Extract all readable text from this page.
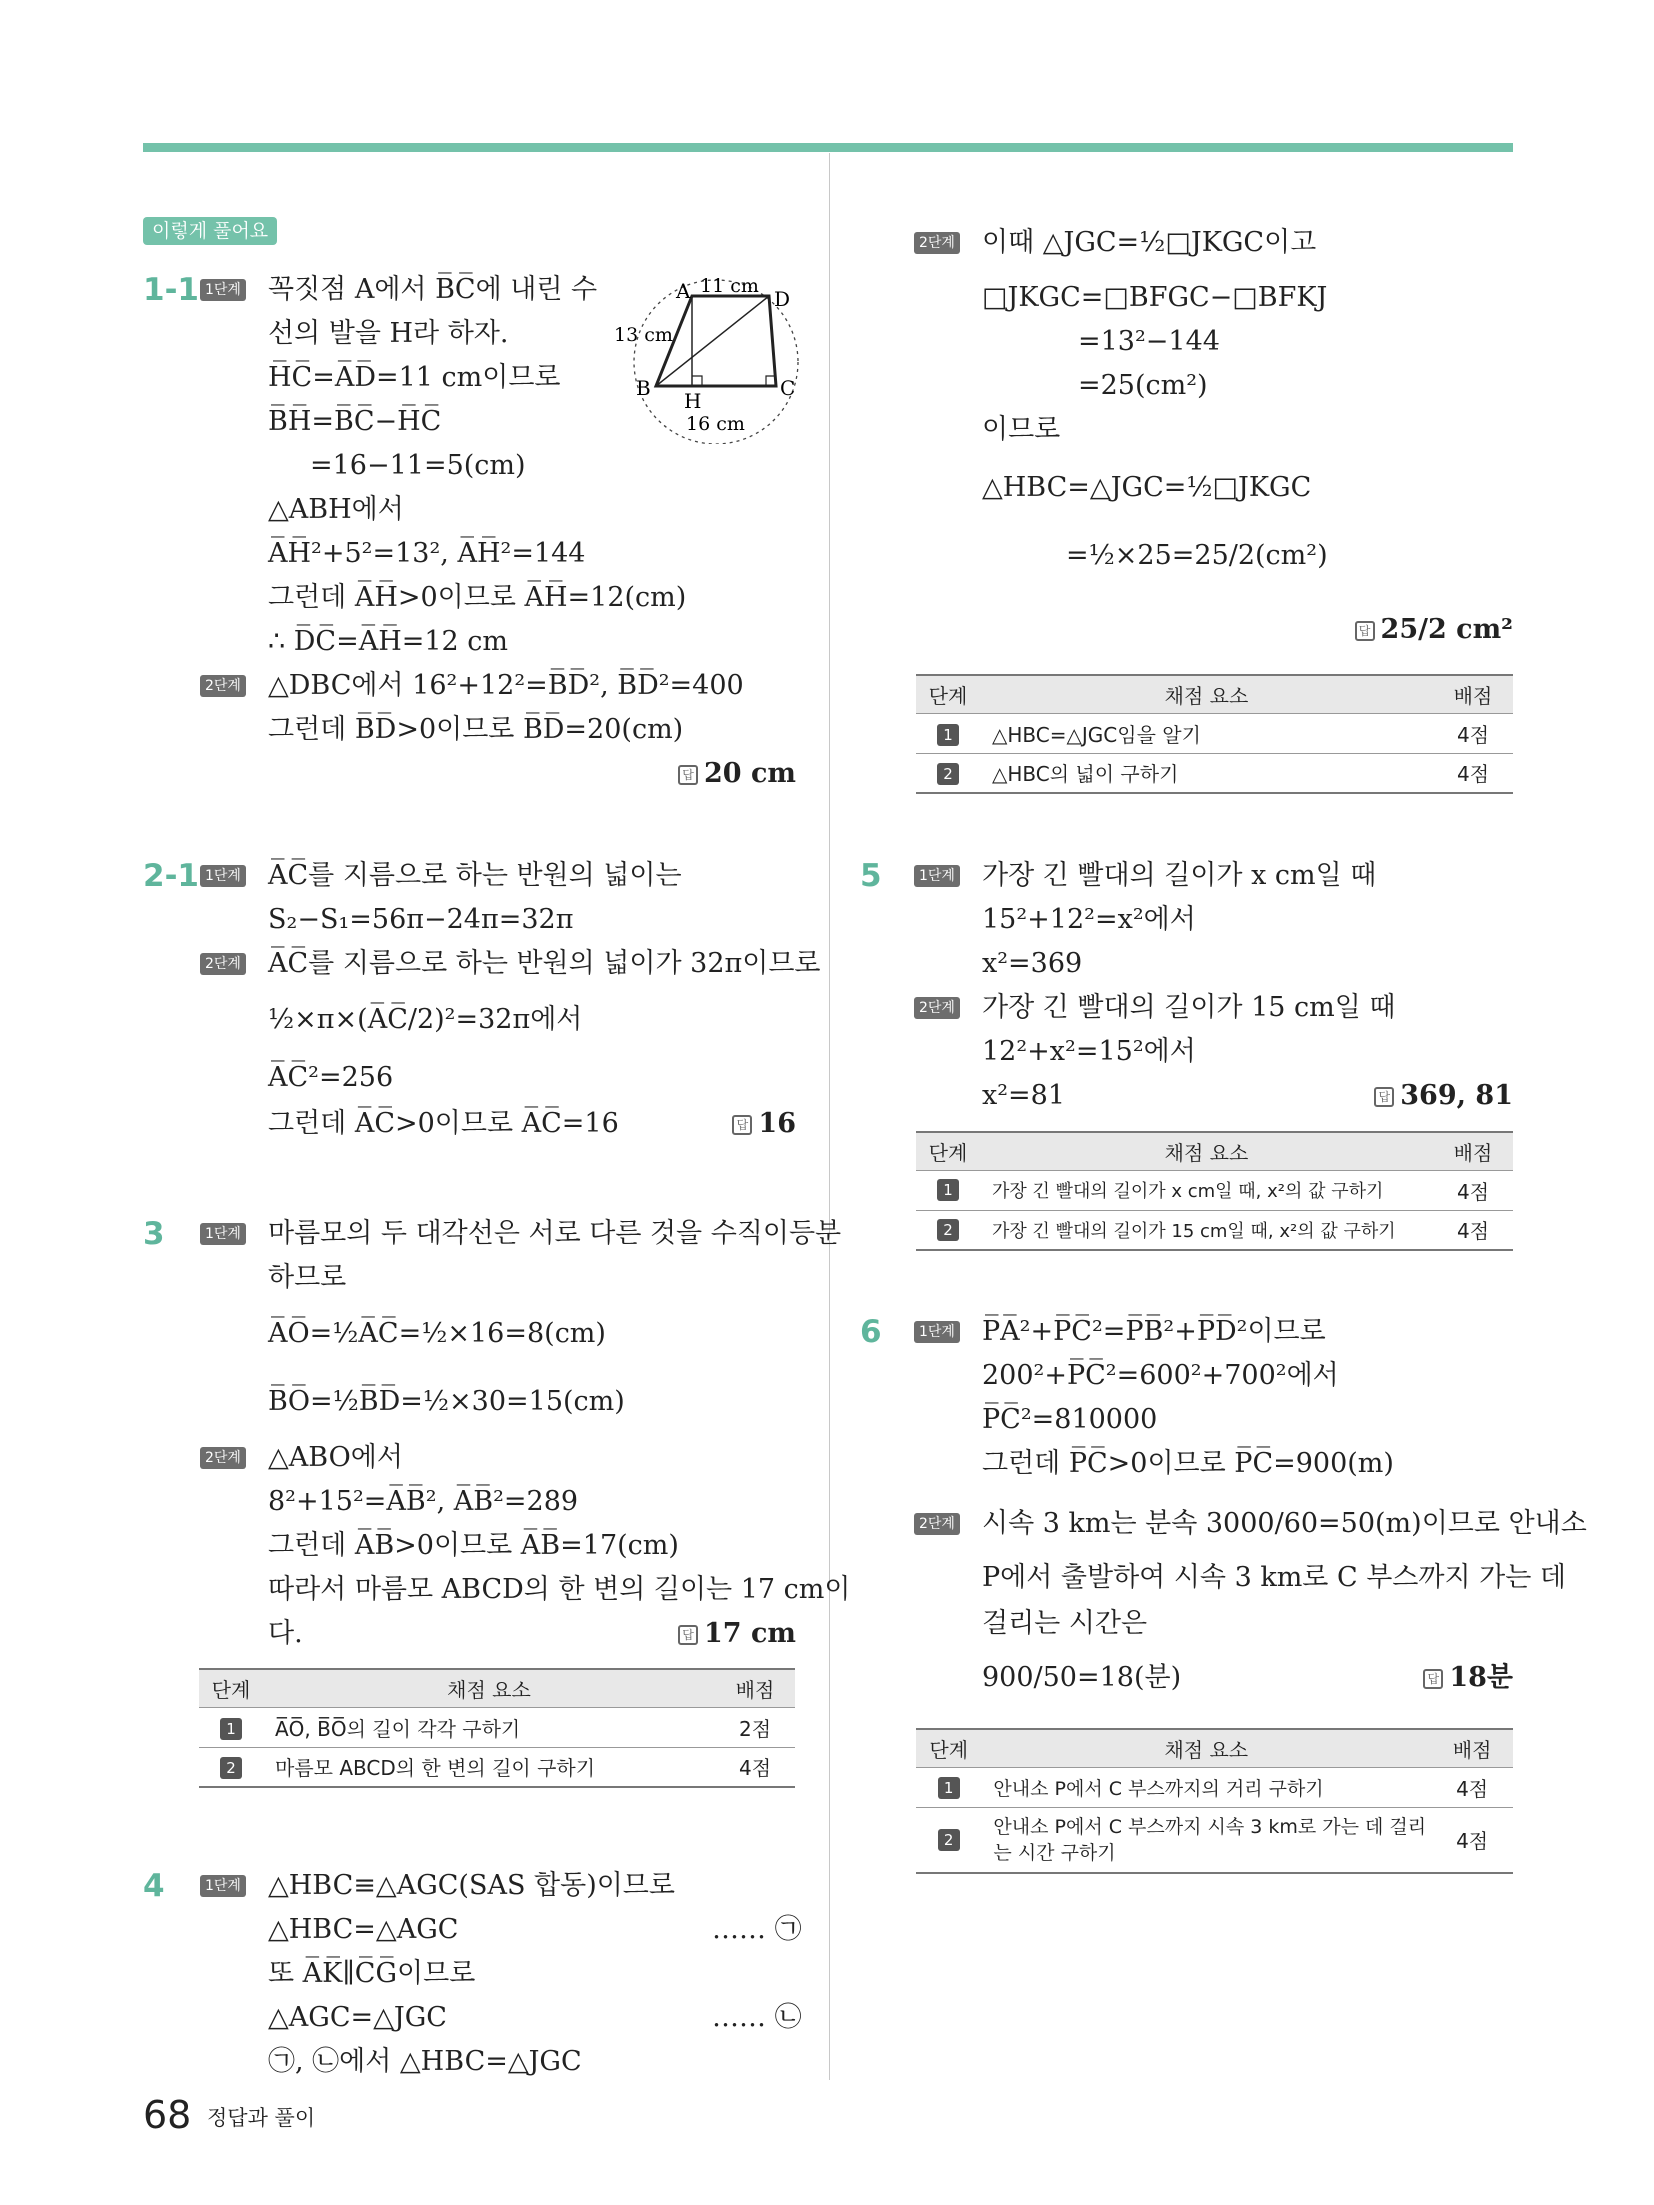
이렇게 풀어요
1-1 1단계 꼭짓점 A에서 B̅C̅에 내린 수
선의 발을 H라 하자.
H̅C̅=A̅D̅=11 cm이므로
B̅H̅=B̅C̅−H̅C̅
=16−11=5(cm)
△ABH에서
A̅H̅²+5²=13², A̅H̅²=144
그런데 A̅H̅>0이므로 A̅H̅=12(cm)
∴ D̅C̅=A̅H̅=12 cm
2단계 △DBC에서 16²+12²=B̅D̅², B̅D̅²=400
그런데 B̅D̅>0이므로 B̅D̅=20(cm)
답 20 cm
A	D
B	C
H
11 cm
13 cm
16 cm
2-1 1단계 A̅C̅를 지름으로 하는 반원의 넓이는
S₂−S₁=56π−24π=32π
2단계 A̅C̅를 지름으로 하는 반원의 넓이가 32π이므로
½×π×(A̅C̅/2)²=32π에서
A̅C̅²=256
그런데 A̅C̅>0이므로 A̅C̅=16	답 16
3	1단계 마름모의 두 대각선은 서로 다른 것을 수직이등분
하므로
A̅O̅=½A̅C̅=½×16=8(cm)
B̅O̅=½B̅D̅=½×30=15(cm)
2단계 △ABO에서
8²+15²=A̅B̅², A̅B̅²=289
그런데 A̅B̅>0이므로 A̅B̅=17(cm)
따라서 마름모 ABCD의 한 변의 길이는 17 cm이
다.	답 17 cm
단계	채점 요소	배점
1	A̅O̅, B̅O̅의 길이 각각 구하기	2점
2	마름모 ABCD의 한 변의 길이 구하기	4점
4	1단계 △HBC≡△AGC(SAS 합동)이므로
△HBC=△AGC	…… ㉠
또 A̅K̅∥C̅G̅이므로
△AGC=△JGC	…… ㉡
㉠, ㉡에서 △HBC=△JGC
2단계 이때 △JGC=½□JKGC이고
□JKGC=□BFGC−□BFKJ
=13²−144
=25(cm²)
이므로
△HBC=△JGC=½□JKGC
=½×25=25/2(cm²)
답 25/2 cm²
단계	채점 요소	배점
1	△HBC=△JGC임을 알기	4점
2	△HBC의 넓이 구하기	4점
5	1단계 가장 긴 빨대의 길이가 x cm일 때
15²+12²=x²에서
x²=369
2단계 가장 긴 빨대의 길이가 15 cm일 때
12²+x²=15²에서
x²=81	답 369, 81
단계	채점 요소	배점
1	가장 긴 빨대의 길이가 x cm일 때, x²의 값 구하기	4점
2	가장 긴 빨대의 길이가 15 cm일 때, x²의 값 구하기	4점
6	1단계 P̅A̅²+P̅C̅²=P̅B̅²+P̅D̅²이므로
200²+P̅C̅²=600²+700²에서
P̅C̅²=810000
그런데 P̅C̅>0이므로 P̅C̅=900(m)
2단계 시속 3 km는 분속 3000/60=50(m)이므로 안내소
P에서 출발하여 시속 3 km로 C 부스까지 가는 데
걸리는 시간은
900/50=18(분)	답 18분
단계	채점 요소	배점
1	안내소 P에서 C 부스까지의 거리 구하기	4점
2	안내소 P에서 C 부스까지 시속 3 km로 가는 데 걸리는 시간 구하기	4점
68 정답과 풀이
